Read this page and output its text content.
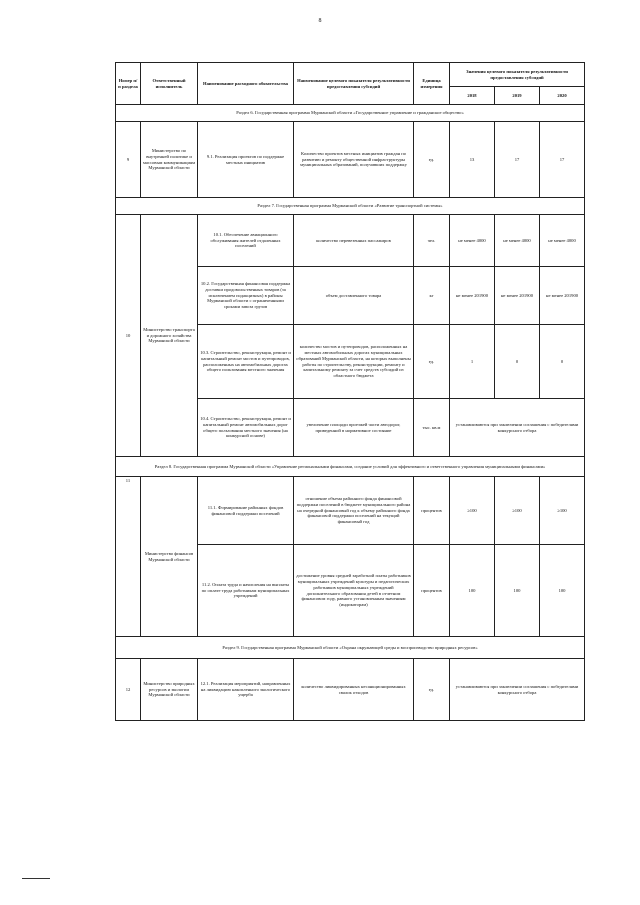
8
Номер п/п раздела	Ответственный исполнитель	Наименование расходного обязательства	Наименование целевого показателя результативности предоставления субсидий	Единица измерения	Значения целевого показателя результативности предоставления субсидий		
					2018	2019	2020
Раздел 6. Государственная программа Мурманской области «Государственное управление и гражданское общество»							
9	Министерство по внутренней политике и массовым коммуникациям Мурманской области	9.1. Реализация проектов по поддержке местных инициатив	Количество проектов местных инициатив граждан по развитию и ремонту общественной инфраструктуры муниципальных образований, получивших поддержку	ед.	13	17	17
Раздел 7. Государственная программа Мурманской области «Развитие транспортной системы»							
10	Министерство транспорта и дорожного хозяйства Мурманской области	10.1. Обеспечение авиационного обслуживания жителей отдаленных поселений	количество перевезенных пассажиров	чел.	не менее 4000	не менее 4000	не менее 4000
		10.2. Государственная финансовая поддержка доставки продовольственных товаров (за исключением подакцизных) в районы Мурманской области с ограниченными сроками завоза грузов	объем доставленного товара	кг	не менее 201900	не менее 201900	не менее 201900
		10.3. Строительство, реконструкция, ремонт и капитальный ремонт мостов и путепроводов, расположенных на автомобильных дорогах общего пользования местного значения	количество мостов и путепроводов, расположенных на местных автомобильных дорогах муниципальных образований Мурманской области, на которых выполнены работы по строительству, реконструкции, ремонту и капитальному ремонту за счет средств субсидий из областного бюджета	ед.	1	0	0
		10.4. Строительство, реконструкция, ремонт и капитальный ремонт автомобильных дорог общего пользования местного значения (на конкурсной основе)	увеличение площади проезжей части автодорог, приведенной в нормативное состояние	тыс. кв.м	устанавливаются при заключении соглашения с победителями конкурсного отбора		
Раздел 8. Государственная программа Мурманской области «Управление региональными финансами, создание условий для эффективного и ответственного управления муниципальными финансами»							
11	Министерство финансов Мурманской области	11.1. Формирование районных фондов финансовой поддержки поселений	отношение объема районного фонда финансовой поддержки поселений в бюджете муниципального района на очередной финансовый год к объему районного фонда финансовой поддержки поселений на текущий финансовый год	процентов	≥100	≥100	≥100
		11.2. Оплата труда и начисления на выплаты по оплате труда работникам муниципальных учреждений	достижение уровня средней заработной платы работников муниципальных учреждений культуры и педагогических работников муниципальных учреждений дополнительного образования детей в отчетном финансовом году, равного установленным значениям (индикаторам)	процентов	100	100	100
Раздел 9. Государственная программа Мурманской области «Охрана окружающей среды и воспроизводство природных ресурсов»							
12	Министерство природных ресурсов и экологии Мурманской области	12.1. Реализация мероприятий, направленных на ликвидацию накопленного экологического ущерба	количество ликвидированных несанкционированных свалок отходов	ед.	устанавливаются при заключении соглашения с победителями конкурсного отбора		
